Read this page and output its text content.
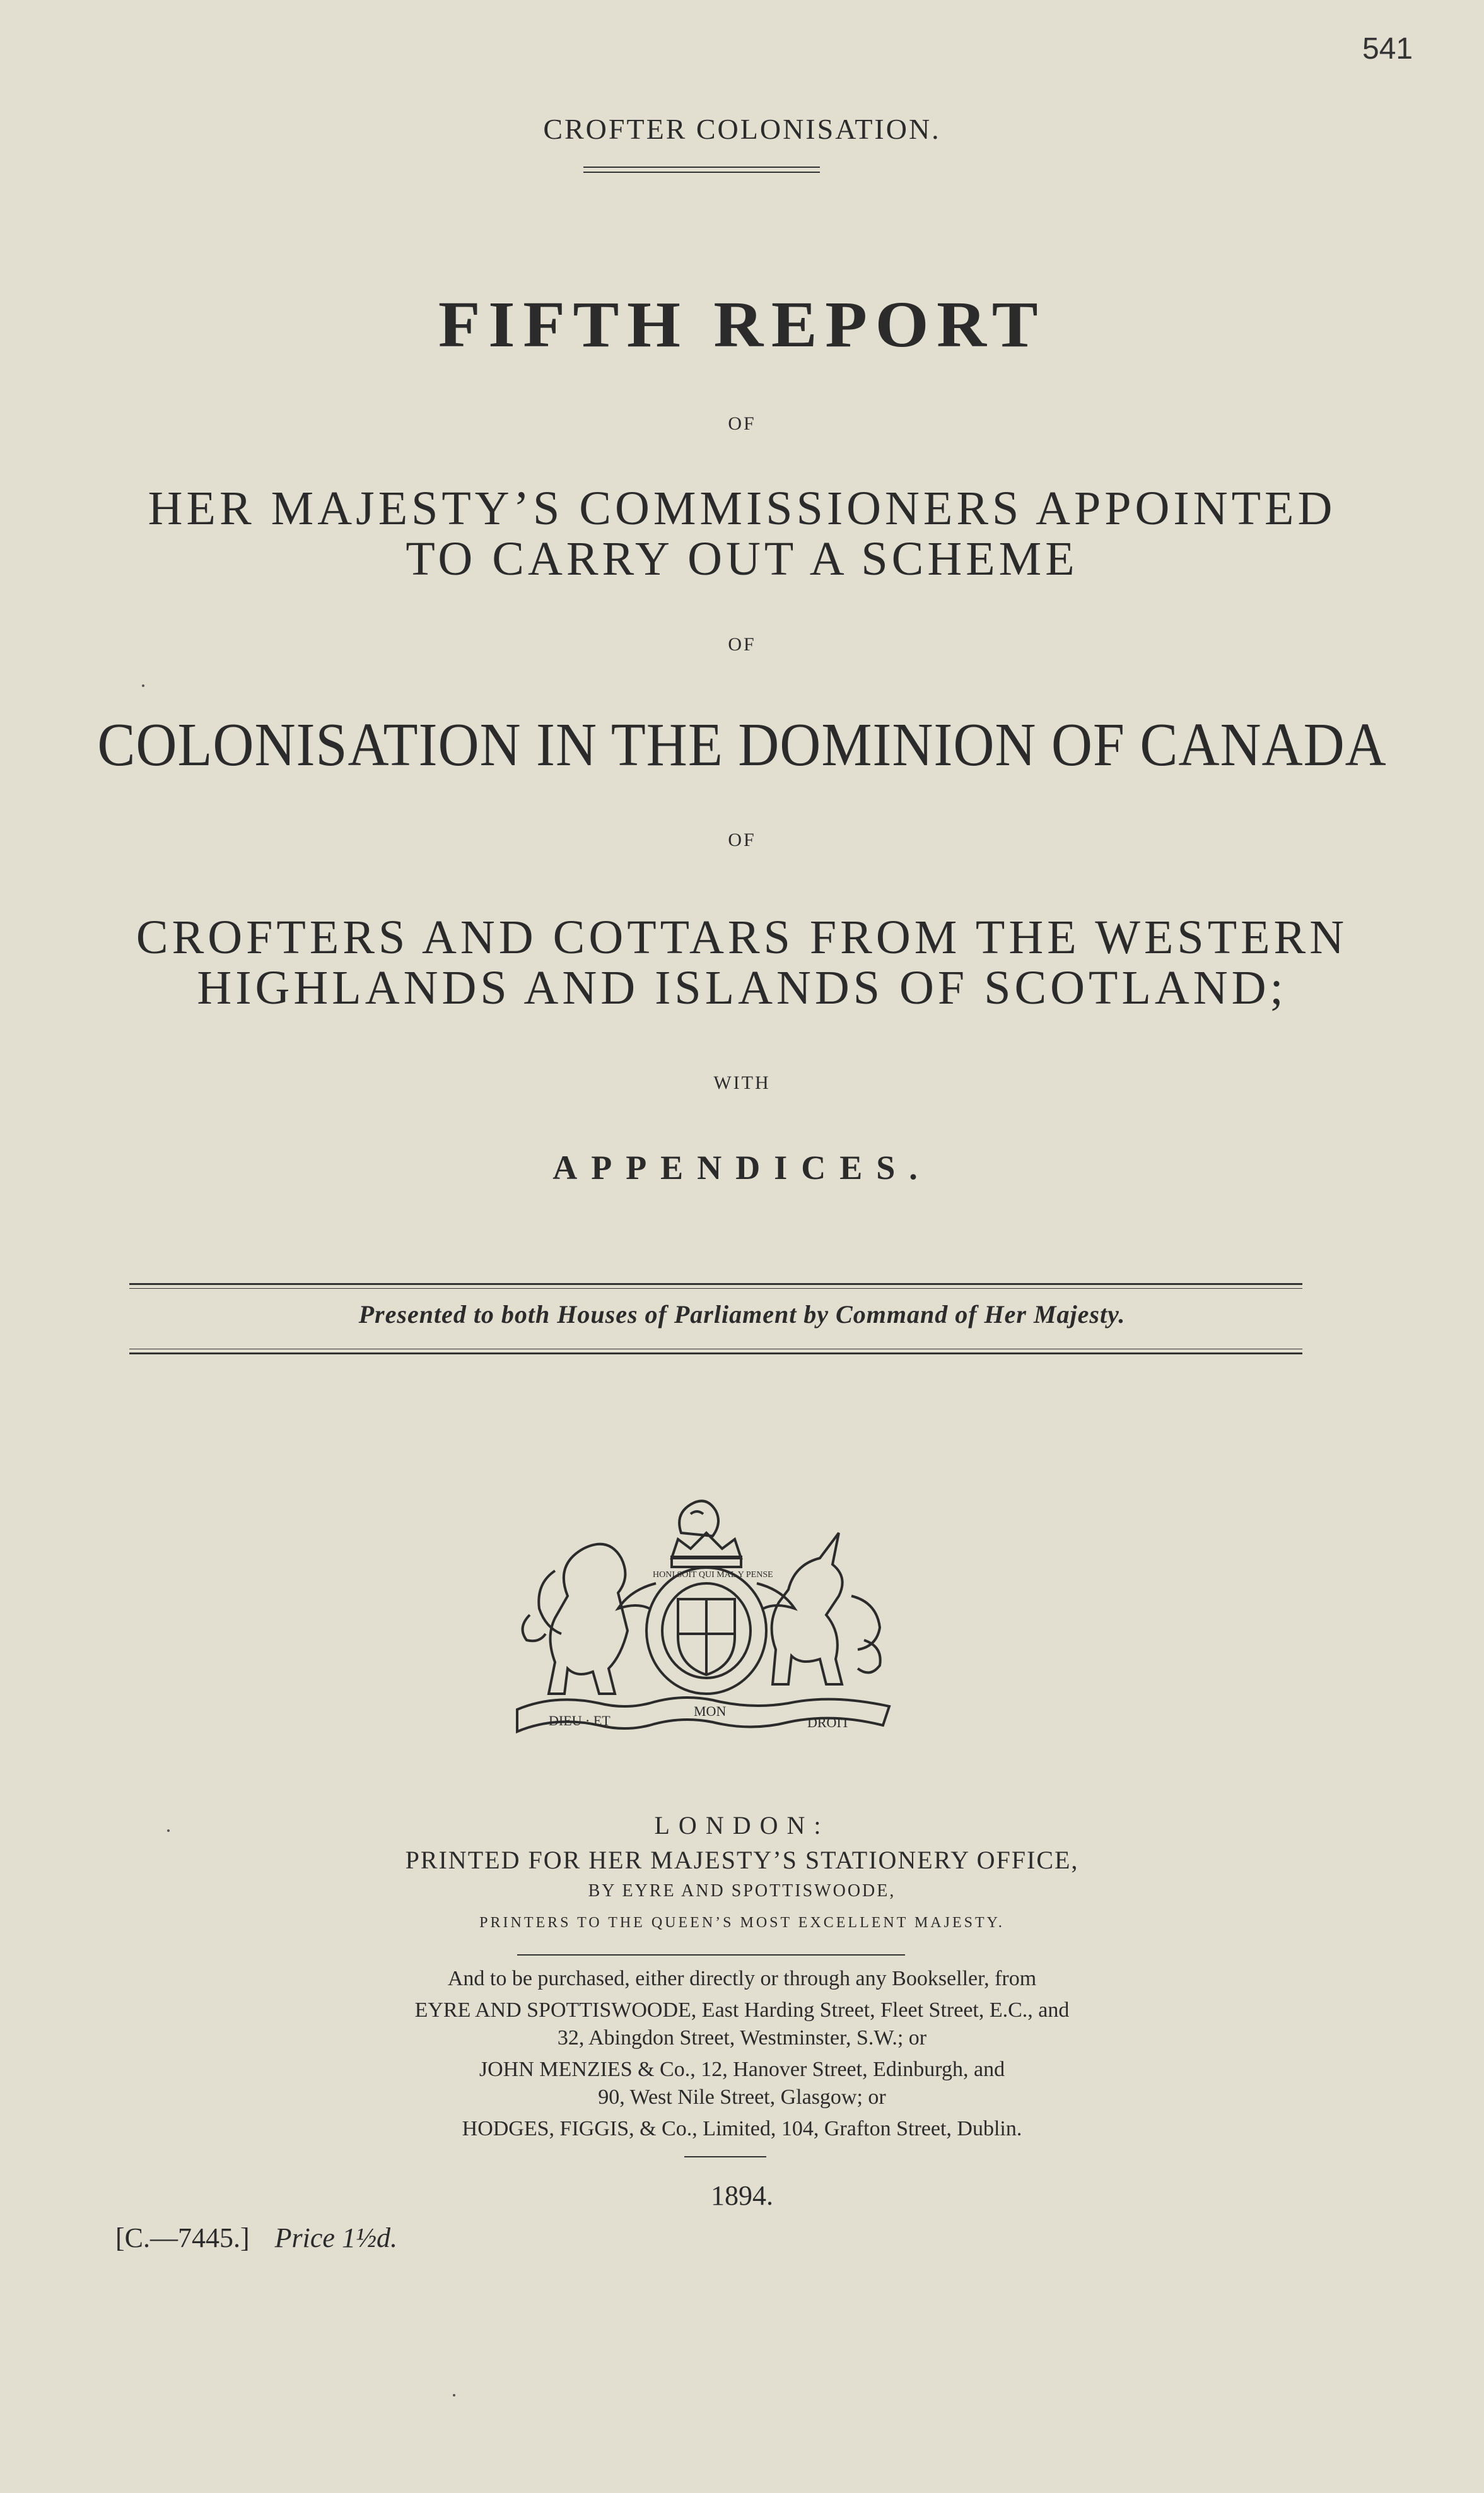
541
CROFTER COLONISATION.
FIFTH REPORT
OF
HER MAJESTY’S COMMISSIONERS APPOINTED
TO CARRY OUT A SCHEME
OF
COLONISATION IN THE DOMINION OF CANADA
OF
CROFTERS AND COTTARS FROM THE WESTERN
HIGHLANDS AND ISLANDS OF SCOTLAND;
WITH
APPENDICES.
Presented to both Houses of Parliament by Command of Her Majesty.
DIEU · ET
MON
DROIT
HONI SOIT QUI MAL Y PENSE
LONDON:
PRINTED FOR HER MAJESTY’S STATIONERY OFFICE,
BY EYRE AND SPOTTISWOODE,
PRINTERS TO THE QUEEN’S MOST EXCELLENT MAJESTY.
And to be purchased, either directly or through any Bookseller, from
EYRE AND SPOTTISWOODE, East Harding Street, Fleet Street, E.C., and
32, Abingdon Street, Westminster, S.W.; or
JOHN MENZIES & Co., 12, Hanover Street, Edinburgh, and
90, West Nile Street, Glasgow; or
HODGES, FIGGIS, & Co., Limited, 104, Grafton Street, Dublin.
1894.
[C.—7445.] Price 1½d.
